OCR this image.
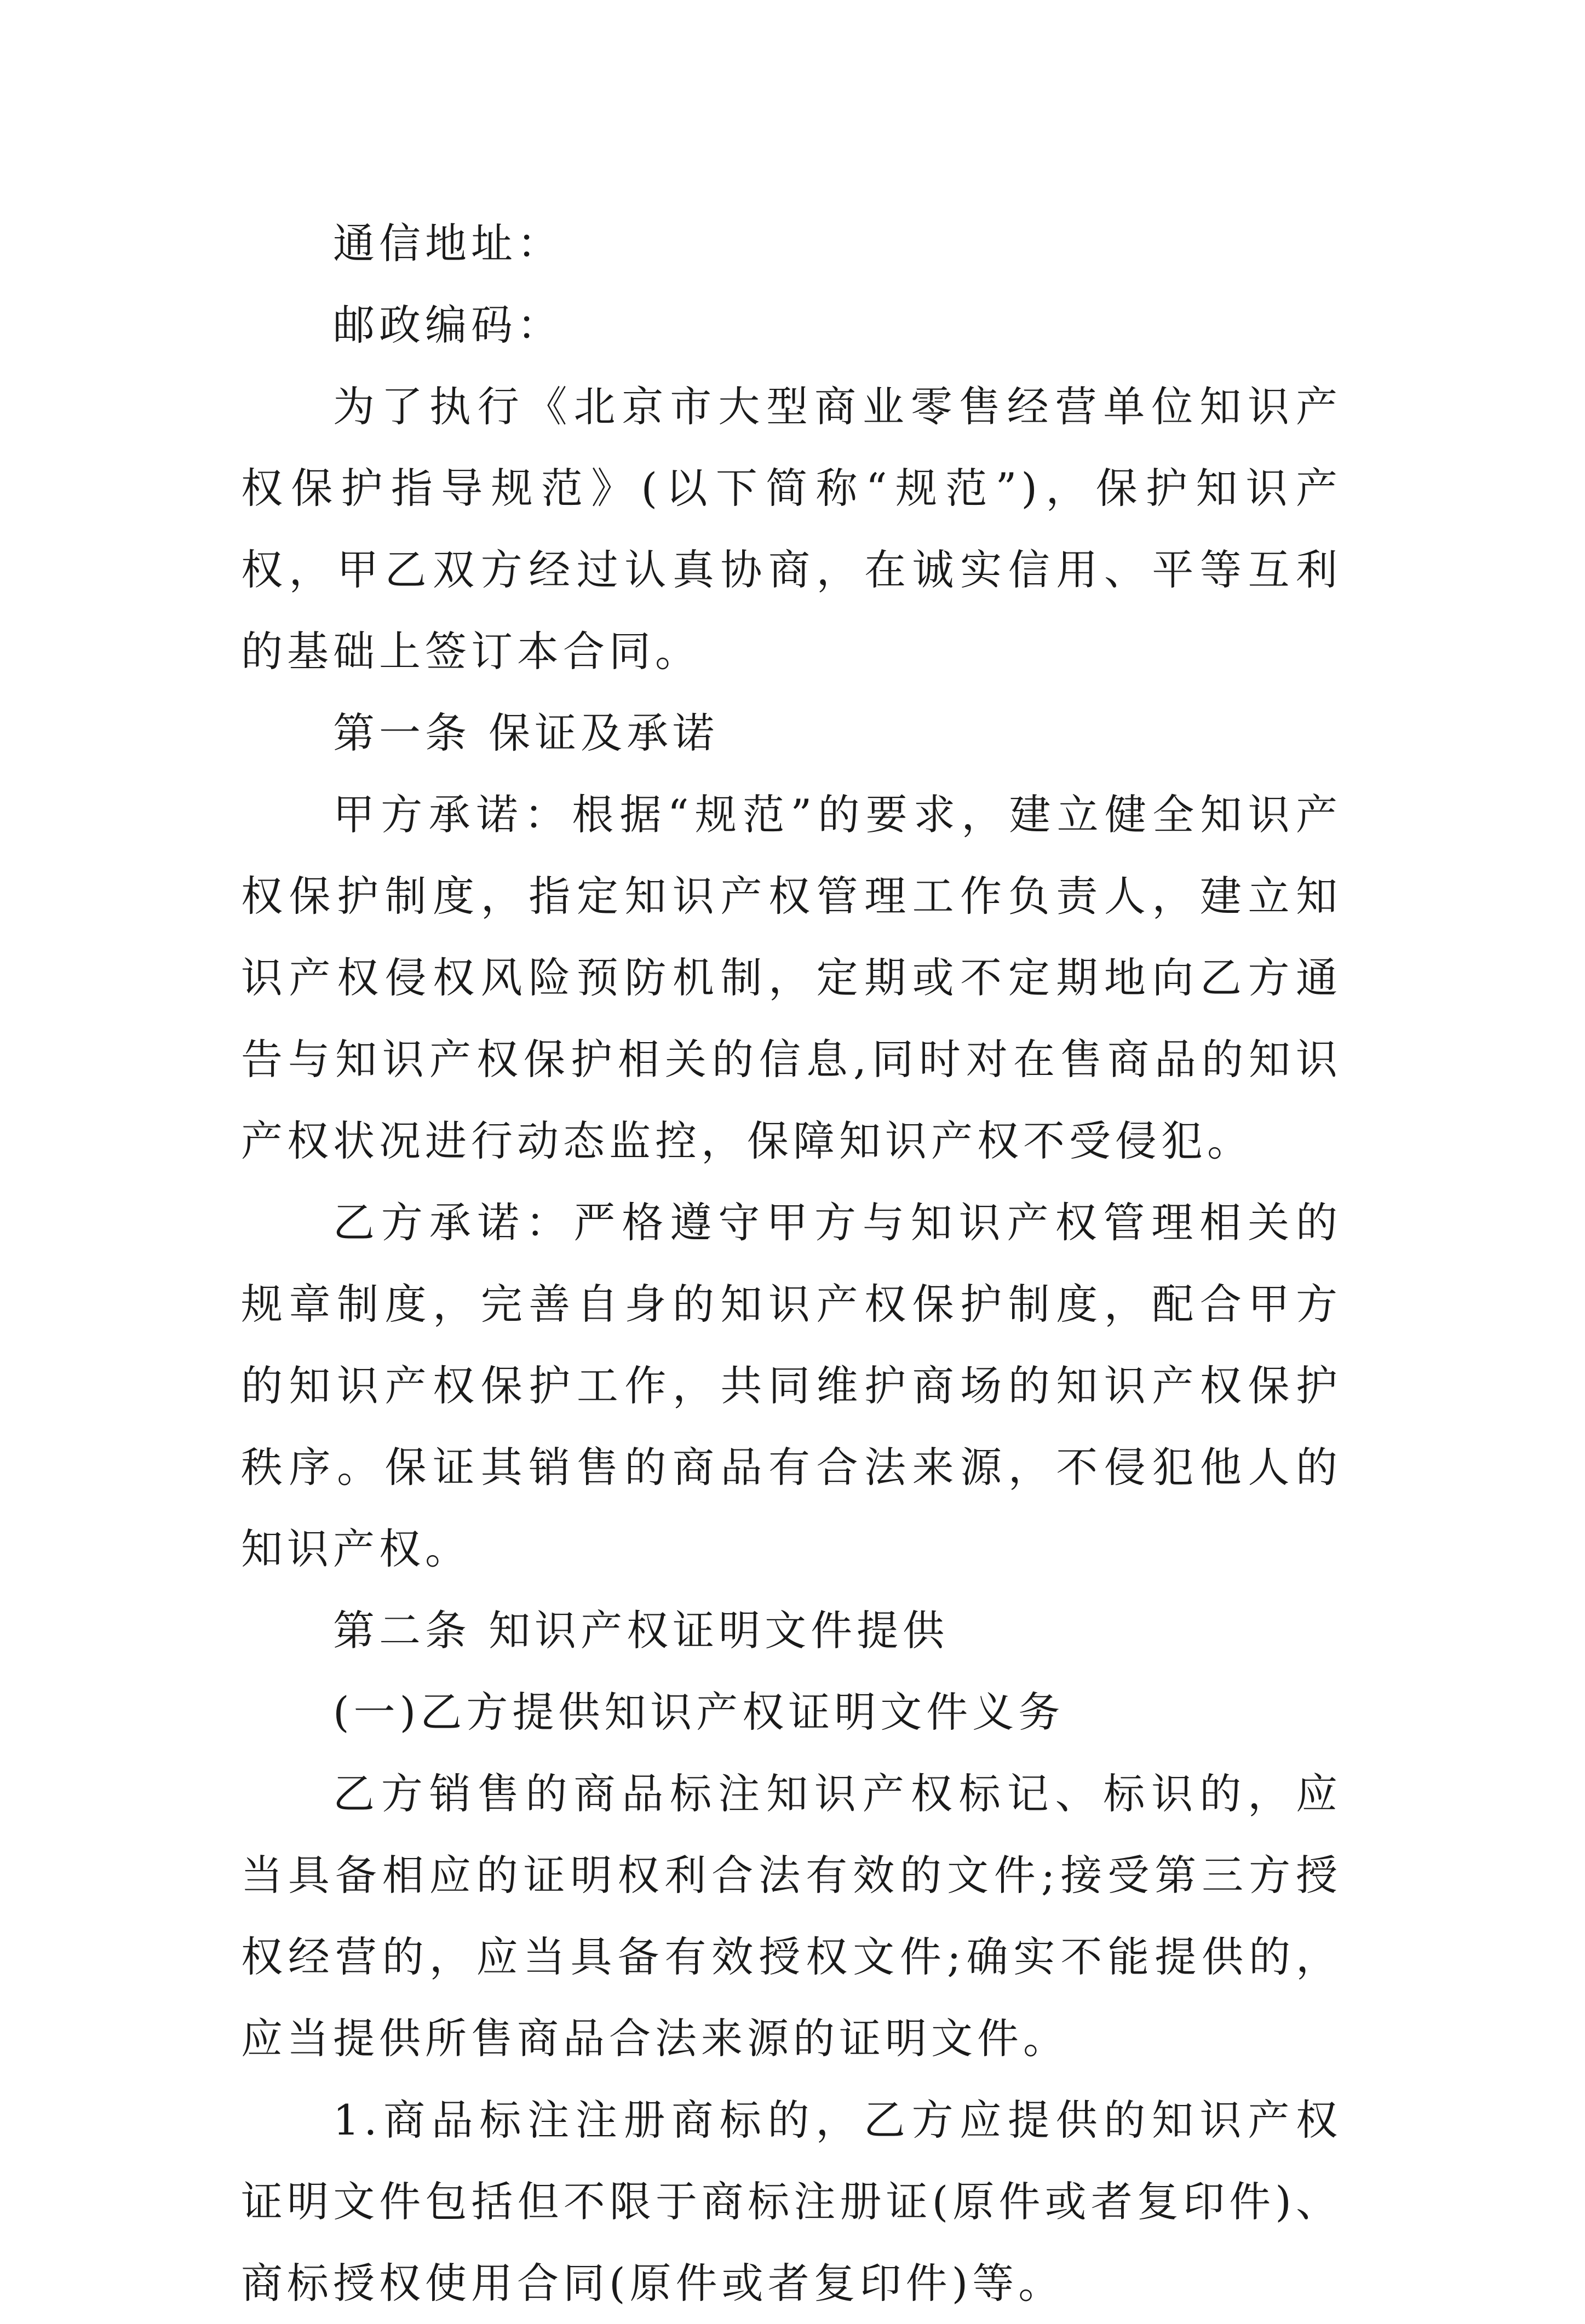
通信地址：

邮政编码：

为了执行《北京市大型商业零售经营单位知识产权保护指导规范》(以下简称“规范”)，保护知识产权，甲乙双方经过认真协商，在诚实信用、平等互利的基础上签订本合同。

第一条 保证及承诺

甲方承诺：根据“规范”的要求，建立健全知识产权保护制度，指定知识产权管理工作负责人，建立知识产权侵权风险预防机制，定期或不定期地向乙方通告与知识产权保护相关的信息,同时对在售商品的知识产权状况进行动态监控，保障知识产权不受侵犯。

乙方承诺：严格遵守甲方与知识产权管理相关的规章制度，完善自身的知识产权保护制度，配合甲方的知识产权保护工作，共同维护商场的知识产权保护秩序。保证其销售的商品有合法来源，不侵犯他人的知识产权。

第二条 知识产权证明文件提供

(一)乙方提供知识产权证明文件义务

乙方销售的商品标注知识产权标记、标识的，应当具备相应的证明权利合法有效的文件;接受第三方授权经营的，应当具备有效授权文件;确实不能提供的，应当提供所售商品合法来源的证明文件。

1.商品标注注册商标的，乙方应提供的知识产权证明文件包括但不限于商标注册证(原件或者复印件)、商标授权使用合同(原件或者复印件)等。
